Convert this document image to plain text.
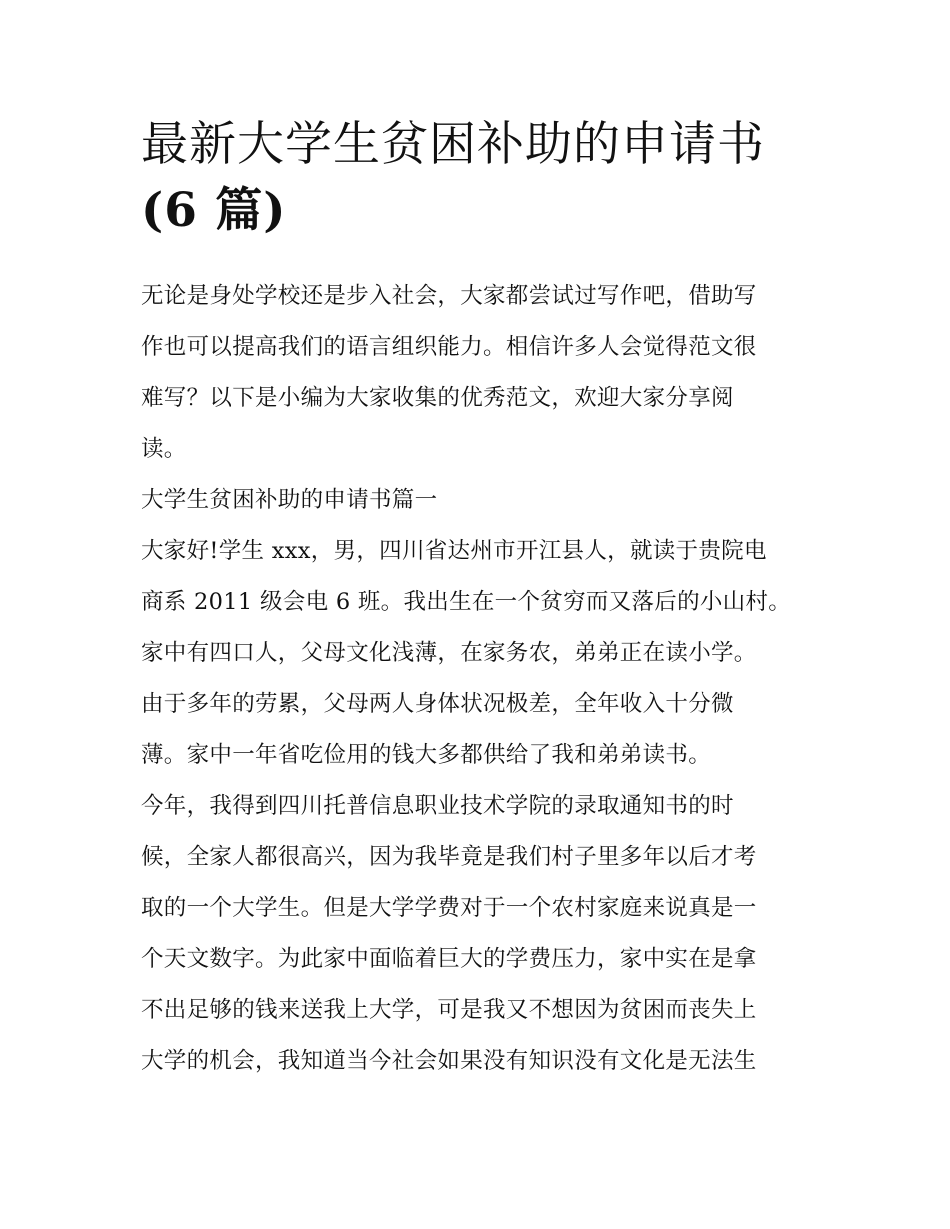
最新大学生贫困补助的申请书
(6 篇)
无论是身处学校还是步入社会，大家都尝试过写作吧，借助写
作也可以提高我们的语言组织能力。相信许多人会觉得范文很
难写？以下是小编为大家收集的优秀范文，欢迎大家分享阅
读。
大学生贫困补助的申请书篇一
大家好!学生 xxx，男，四川省达州市开江县人，就读于贵院电
商系 2011 级会电 6 班。我出生在一个贫穷而又落后的小山村。
家中有四口人，父母文化浅薄，在家务农，弟弟正在读小学。
由于多年的劳累，父母两人身体状况极差，全年收入十分微
薄。家中一年省吃俭用的钱大多都供给了我和弟弟读书。
今年，我得到四川托普信息职业技术学院的录取通知书的时
候，全家人都很高兴，因为我毕竟是我们村子里多年以后才考
取的一个大学生。但是大学学费对于一个农村家庭来说真是一
个天文数字。为此家中面临着巨大的学费压力，家中实在是拿
不出足够的钱来送我上大学，可是我又不想因为贫困而丧失上
大学的机会，我知道当今社会如果没有知识没有文化是无法生
